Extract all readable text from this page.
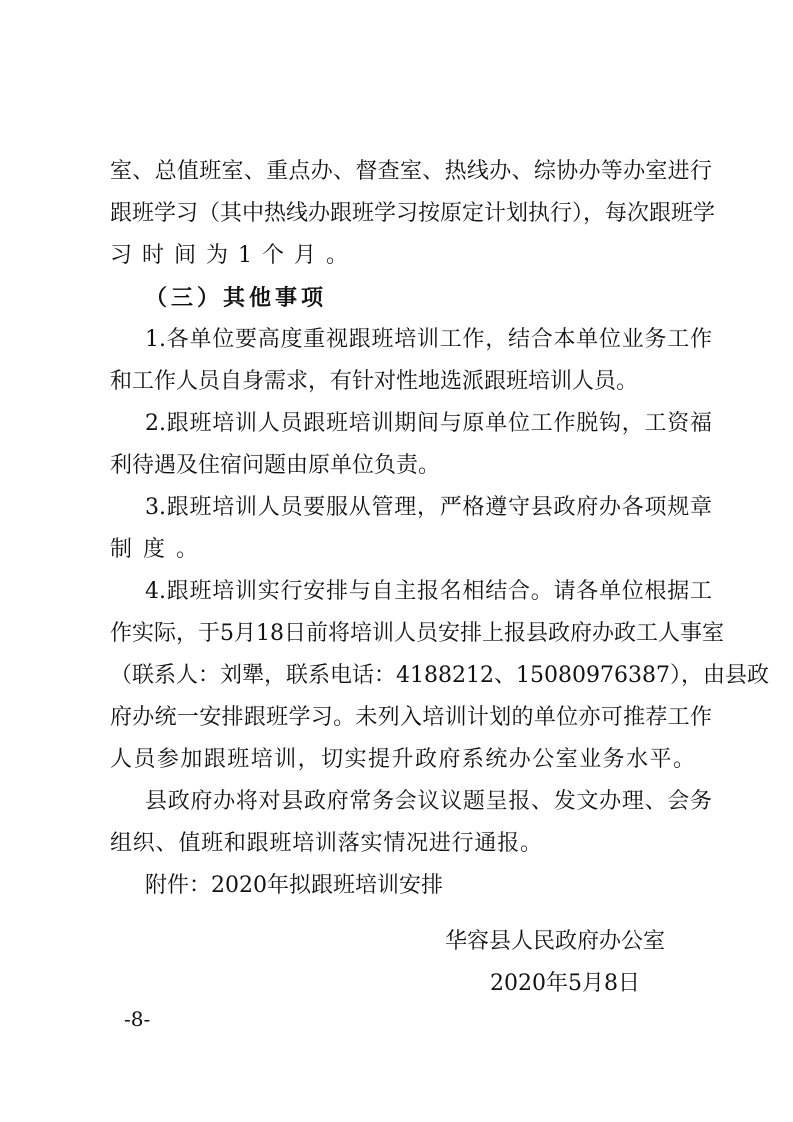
室、总值班室、重点办、督查室、热线办、综协办等办室进行
跟班学习（其中热线办跟班学习按原定计划执行），每次跟班学
习时间为1个月。
（三）其他事项
1.各单位要高度重视跟班培训工作，结合本单位业务工作
和工作人员自身需求，有针对性地选派跟班培训人员。
2.跟班培训人员跟班培训期间与原单位工作脱钩，工资福
利待遇及住宿问题由原单位负责。
3.跟班培训人员要服从管理，严格遵守县政府办各项规章
制度。
4.跟班培训实行安排与自主报名相结合。请各单位根据工
作实际，于5月18日前将培训人员安排上报县政府办政工人事室
（联系人：刘犟，联系电话：4188212、15080976387），由县政
府办统一安排跟班学习。未列入培训计划的单位亦可推荐工作
人员参加跟班培训，切实提升政府系统办公室业务水平。
县政府办将对县政府常务会议议题呈报、发文办理、会务
组织、值班和跟班培训落实情况进行通报。
附件：2020年拟跟班培训安排
华容县人民政府办公室
2020年5月8日
-8-
